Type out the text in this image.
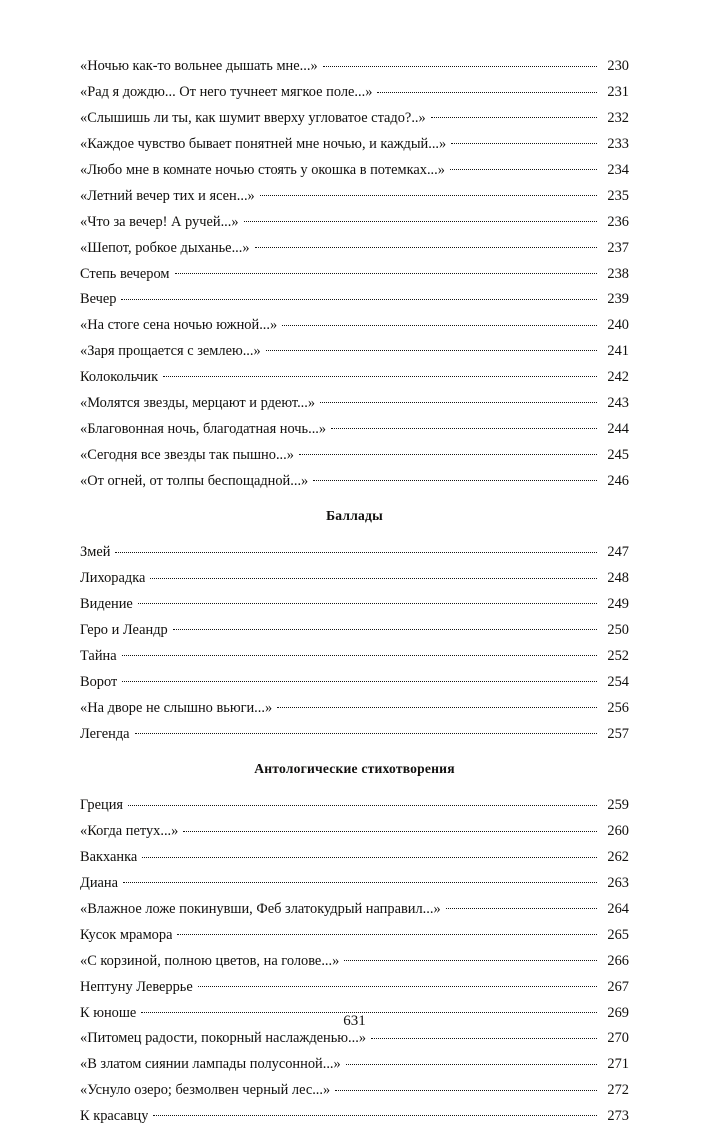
«Ночью как-то вольнее дышать мне...»	230
«Рад я дождю... От него тучнеет мягкое поле...»	231
«Слышишь ли ты, как шумит вверху угловатое стадо?..»	232
«Каждое чувство бывает понятней мне ночью, и каждый...»	233
«Любо мне в комнате ночью стоять у окошка в потемках...»	234
«Летний вечер тих и ясен...»	235
«Что за вечер! А ручей...»	236
«Шепот, робкое дыханье...»	237
Степь вечером	238
Вечер	239
«На стоге сена ночью южной...»	240
«Заря прощается с землею...»	241
Колокольчик	242
«Молятся звезды, мерцают и рдеют...»	243
«Благовонная ночь, благодатная ночь...»	244
«Сегодня все звезды так пышно...»	245
«От огней, от толпы беспощадной...»	246
Баллады
Змей	247
Лихорадка	248
Видение	249
Геро и Леандр	250
Тайна	252
Ворот	254
«На дворе не слышно вьюги...»	256
Легенда	257
Антологические стихотворения
Греция	259
«Когда петух...»	260
Вакханка	262
Диана	263
«Влажное ложе покинувши, Феб златокудрый направил...»	264
Кусок мрамора	265
«С корзиной, полною цветов, на голове...»	266
Нептуну Леверрье	267
К юноше	269
«Питомец радости, покорный наслажденью...»	270
«В златом сиянии лампады полусонной...»	271
«Уснуло озеро; безмолвен черный лес...»	272
К красавцу	273
631
